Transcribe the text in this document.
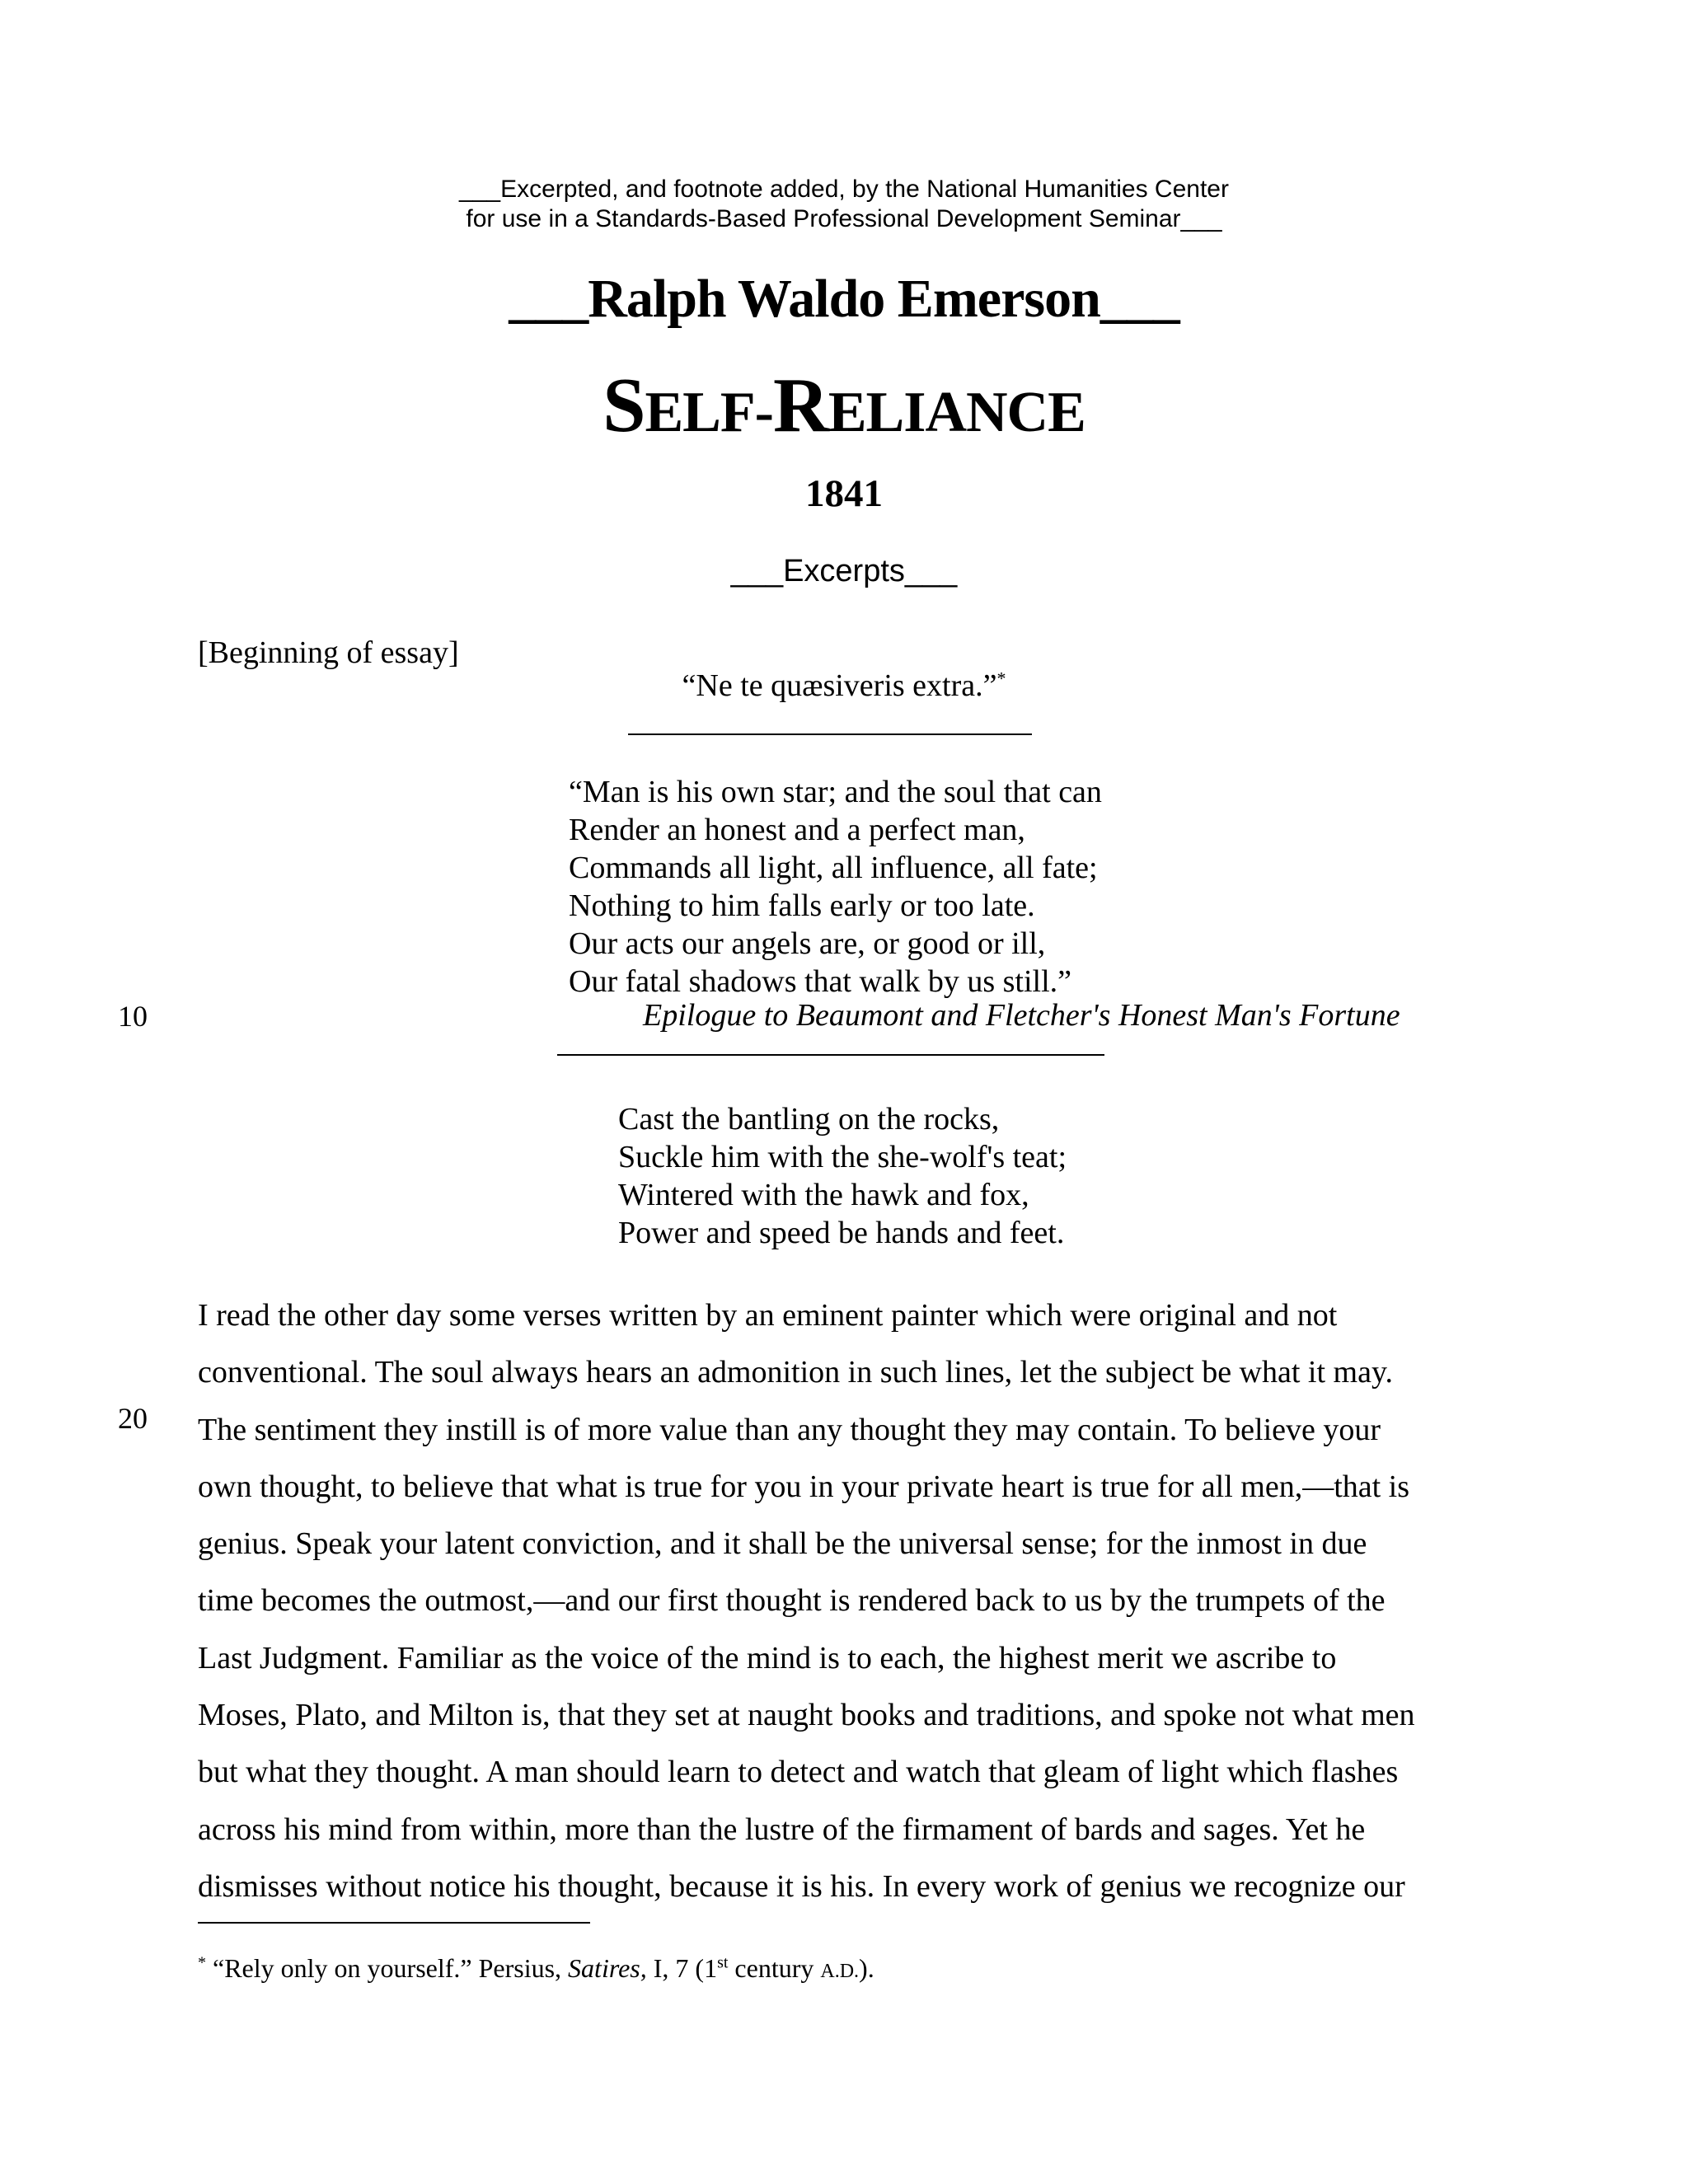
___Excerpted, and footnote added, by the National Humanities Center
for use in a Standards-Based Professional Development Seminar___
___Ralph Waldo Emerson___
SELF-RELIANCE
1841
___Excerpts___
[Beginning of essay]
“Ne te quæsiveris extra.”*
“Man is his own star; and the soul that can
Render an honest and a perfect man,
Commands all light, all influence, all fate;
Nothing to him falls early or too late.
Our acts our angels are, or good or ill,
Our fatal shadows that walk by us still.”
10	Epilogue to Beaumont and Fletcher's Honest Man's Fortune
Cast the bantling on the rocks,
Suckle him with the she-wolf's teat;
Wintered with the hawk and fox,
Power and speed be hands and feet.
20
I read the other day some verses written by an eminent painter which were original and not
conventional. The soul always hears an admonition in such lines, let the subject be what it may.
The sentiment they instill is of more value than any thought they may contain. To believe your
own thought, to believe that what is true for you in your private heart is true for all men,—that is
genius. Speak your latent conviction, and it shall be the universal sense; for the inmost in due
time becomes the outmost,—and our first thought is rendered back to us by the trumpets of the
Last Judgment. Familiar as the voice of the mind is to each, the highest merit we ascribe to
Moses, Plato, and Milton is, that they set at naught books and traditions, and spoke not what men
but what they thought. A man should learn to detect and watch that gleam of light which flashes
across his mind from within, more than the lustre of the firmament of bards and sages. Yet he
dismisses without notice his thought, because it is his. In every work of genius we recognize our
* “Rely only on yourself.” Persius, Satires, I, 7 (1st century A.D.).
